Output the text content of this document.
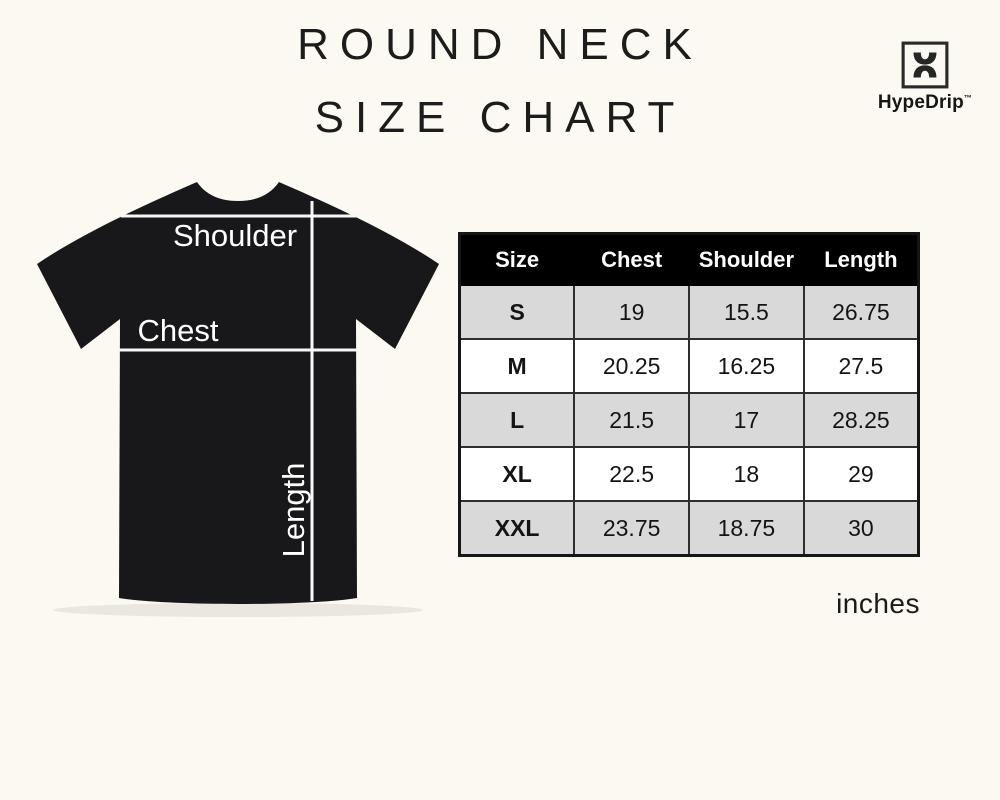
ROUND NECK
SIZE CHART	HypeDrip™
Shoulder
Chest
Length
Size	Chest	Shoulder	Length
S	19	15.5	26.75
M	20.25	16.25	27.5
L	21.5	17	28.25
XL	22.5	18	29
XXL	23.75	18.75	30
inches
